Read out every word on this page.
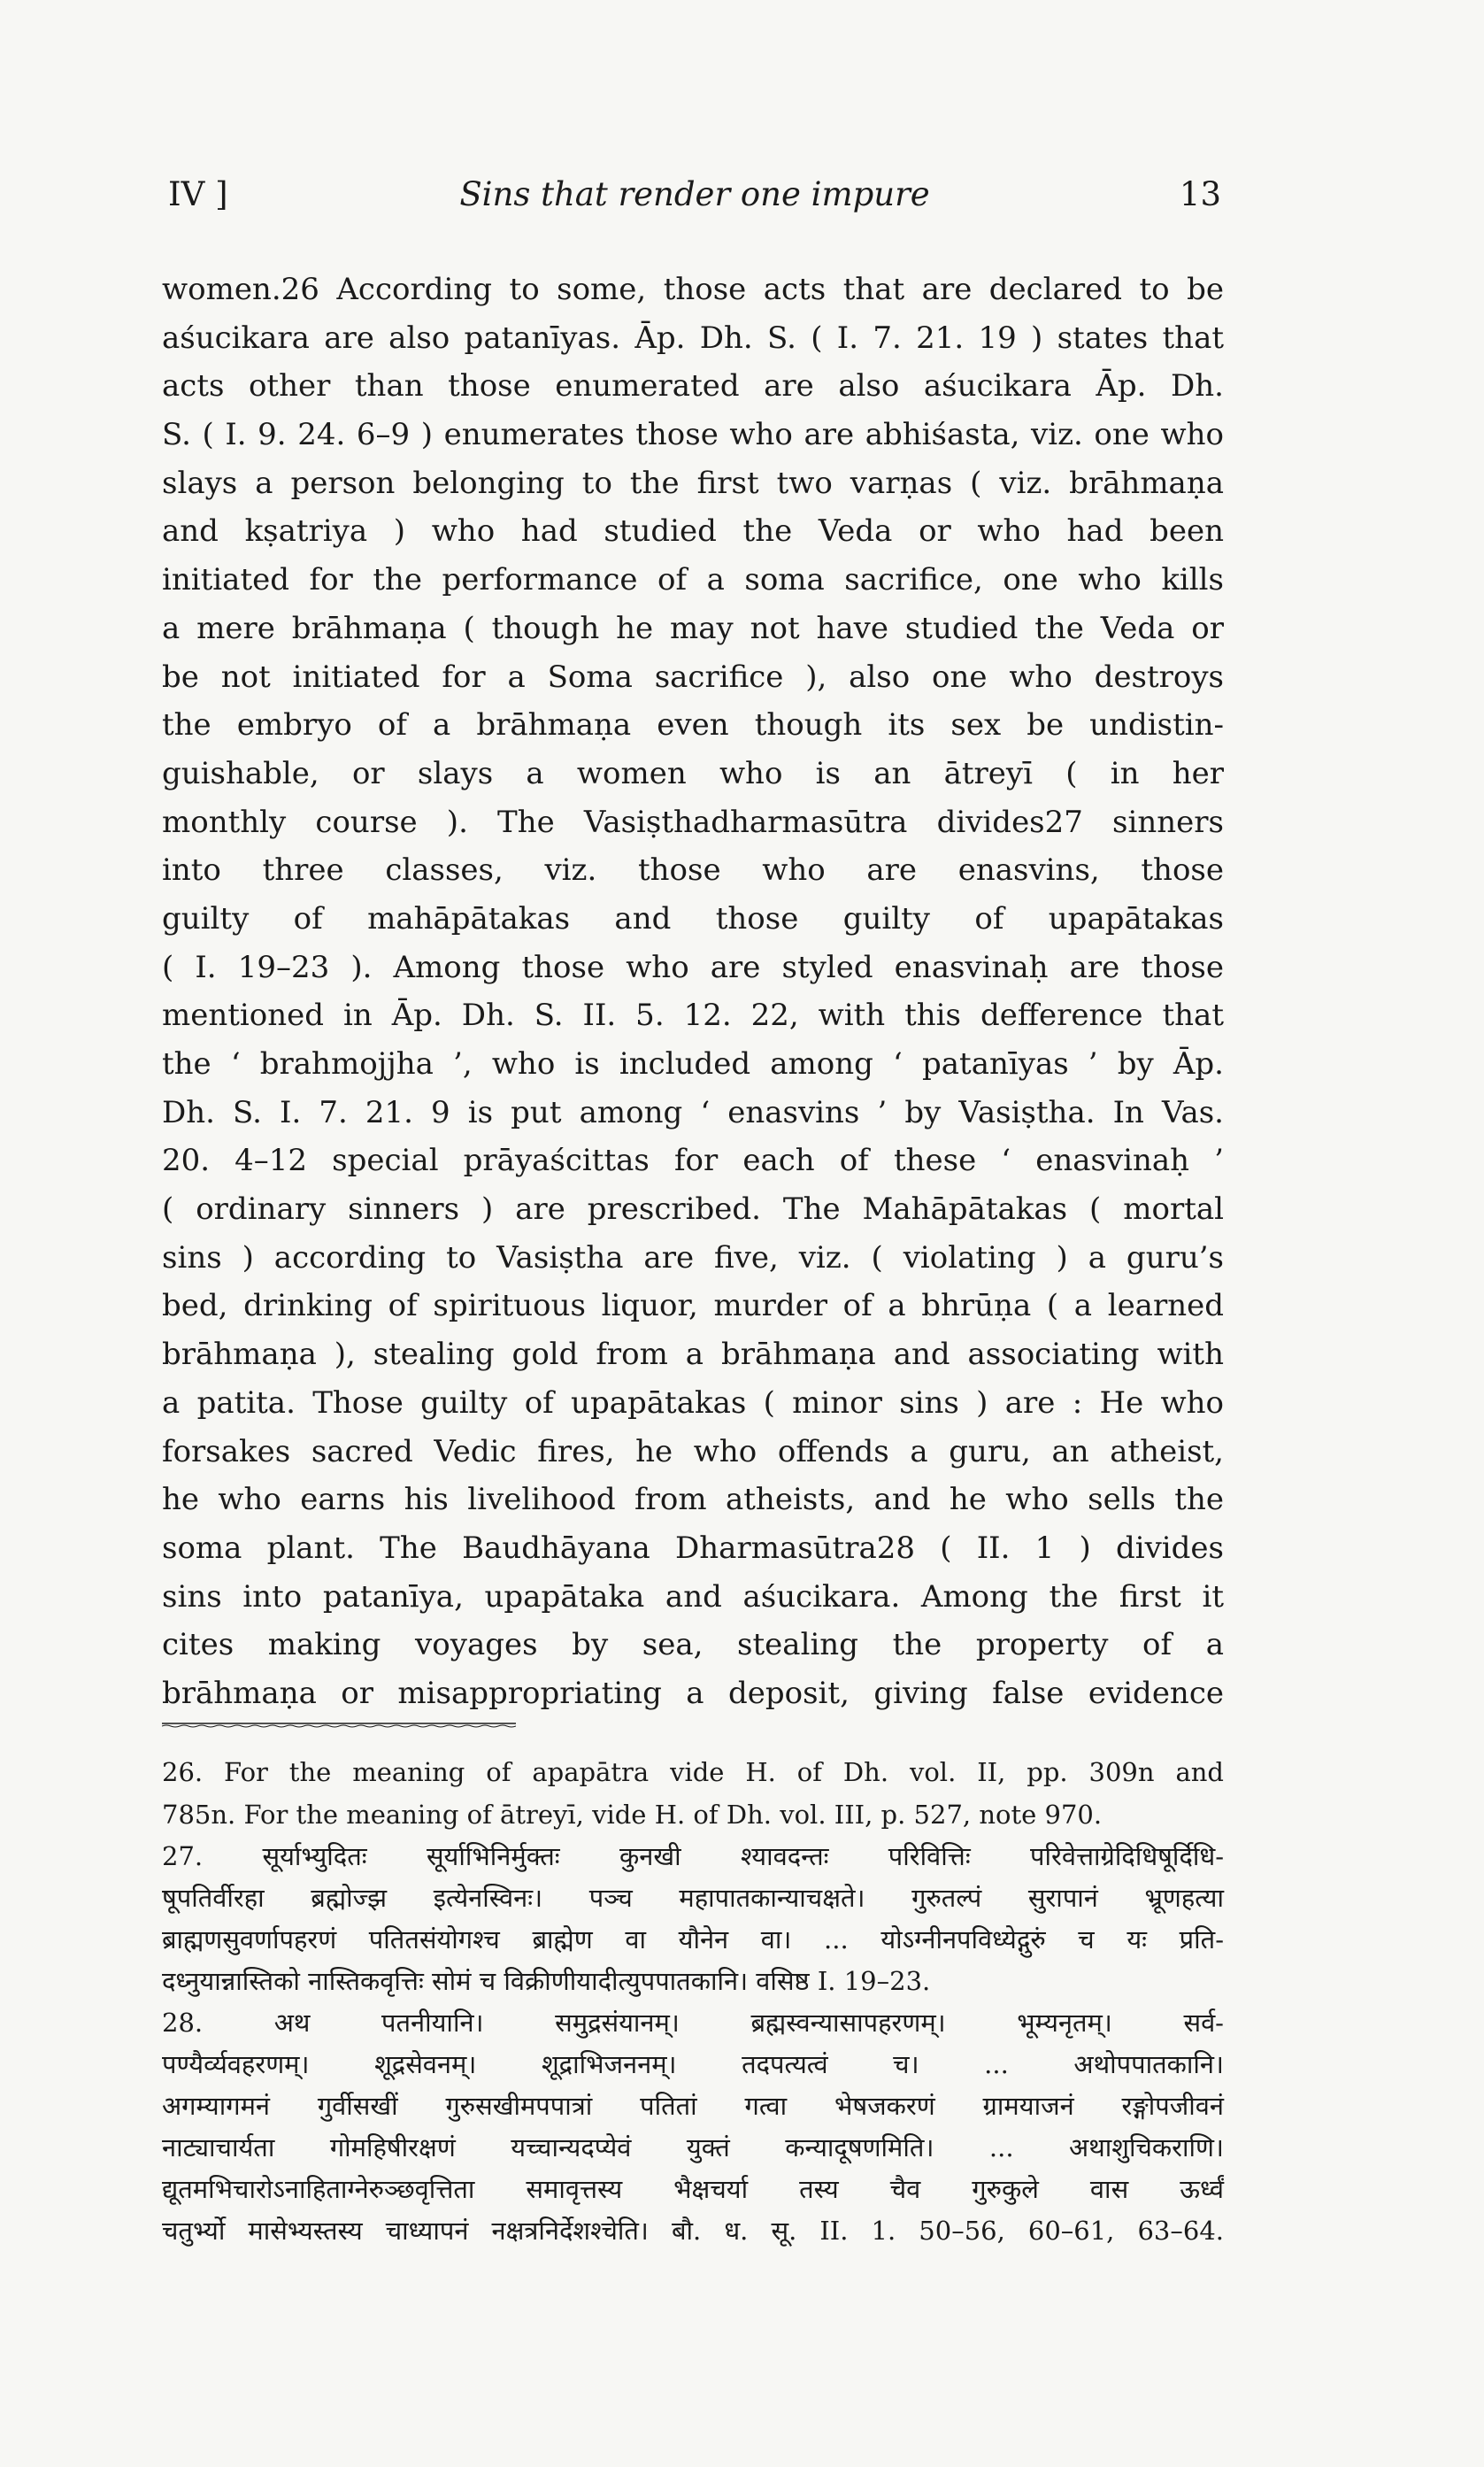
IV ]	Sins that render one impure	13
women.26 According to some, those acts that are declared to be
aśucikara are also patanīyas. Āp. Dh. S. ( I. 7. 21. 19 ) states that
acts other than those enumerated are also aśucikara Āp. Dh.
S. ( I. 9. 24. 6–9 ) enumerates those who are abhiśasta, viz. one who
slays a person belonging to the first two varṇas ( viz. brāhmaṇa
and kṣatriya ) who had studied the Veda or who had been
initiated for the performance of a soma sacrifice, one who kills
a mere brāhmaṇa ( though he may not have studied the Veda or
be not initiated for a Soma sacrifice ), also one who destroys
the embryo of a brāhmaṇa even though its sex be undistin-
guishable, or slays a women who is an ātreyī ( in her
monthly course ). The Vasiṣthadharmasūtra divides27 sinners
into three classes, viz. those who are enasvins, those
guilty of mahāpātakas and those guilty of upapātakas
( I. 19–23 ). Among those who are styled enasvinaḥ are those
mentioned in Āp. Dh. S. II. 5. 12. 22, with this defference that
the ‘ brahmojjha ’, who is included among ‘ patanīyas ’ by Āp.
Dh. S. I. 7. 21. 9 is put among ‘ enasvins ’ by Vasiṣtha. In Vas.
20. 4–12 special prāyaścittas for each of these ‘ enasvinaḥ ’
( ordinary sinners ) are prescribed. The Mahāpātakas ( mortal
sins ) according to Vasiṣtha are five, viz. ( violating ) a guru’s
bed, drinking of spirituous liquor, murder of a bhrūṇa ( a learned
brāhmaṇa ), stealing gold from a brāhmaṇa and associating with
a patita. Those guilty of upapātakas ( minor sins ) are : He who
forsakes sacred Vedic fires, he who offends a guru, an atheist,
he who earns his livelihood from atheists, and he who sells the
soma plant. The Baudhāyana Dharmasūtra28 ( II. 1 ) divides
sins into patanīya, upapātaka and aśucikara. Among the first it
cites making voyages by sea, stealing the property of a
brāhmaṇa or misappropriating a deposit, giving false evidence
26. For the meaning of apapātra vide H. of Dh. vol. II, pp. 309n and
785n. For the meaning of ātreyī, vide H. of Dh. vol. III, p. 527, note 970.
27. सूर्याभ्युदितः सूर्याभिनिर्मुक्तः कुनखी श्यावदन्तः परिवित्तिः परिवेत्ताग्रेदिधिषूर्दिधि-
षूपतिर्वीरहा ब्रह्मोज्झ इत्येनस्विनः। पञ्च महापातकान्याचक्षते। गुरुतल्पं सुरापानं भ्रूणहत्या
ब्राह्मणसुवर्णापहरणं पतितसंयोगश्च ब्राह्मेण वा यौनेन वा। ... योऽग्नीनपविध्येद्गुरुं च यः प्रति-
दध्नुयान्नास्तिको नास्तिकवृत्तिः सोमं च विक्रीणीयादीत्युपपातकानि। वसिष्ठ I. 19–23.
28. अथ पतनीयानि। समुद्रसंयानम्। ब्रह्मस्वन्यासापहरणम्। भूम्यनृतम्। सर्व-
पण्यैर्व्यवहरणम्। शूद्रसेवनम्। शूद्राभिजननम्। तदपत्यत्वं च। ... अथोपपातकानि।
अगम्यागमनं गुर्वीसखीं गुरुसखीमपपात्रां पतितां गत्वा भेषजकरणं ग्रामयाजनं रङ्गोपजीवनं
नाट्याचार्यता गोमहिषीरक्षणं यच्चान्यदप्येवं युक्तं कन्यादूषणमिति। ... अथाशुचिकराणि।
द्यूतमभिचारोऽनाहिताग्नेरुञ्छवृत्तिता समावृत्तस्य भैक्षचर्या तस्य चैव गुरुकुले वास ऊर्ध्वं
चतुर्भ्यो मासेभ्यस्तस्य चाध्यापनं नक्षत्रनिर्देशश्चेति। बौ. ध. सू. II. 1. 50–56, 60–61, 63–64.
